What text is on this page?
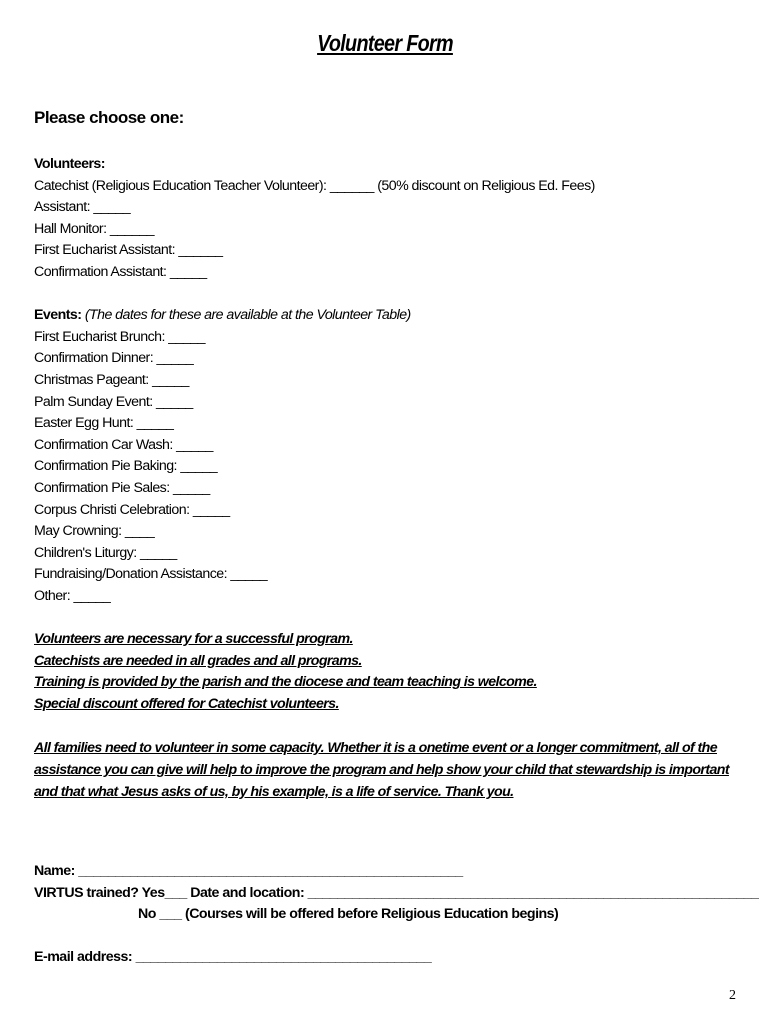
Volunteer Form
Please choose one:
Volunteers:
Catechist (Religious Education Teacher Volunteer): ______ (50% discount on Religious Ed. Fees)
Assistant: _____
Hall Monitor: ______
First Eucharist Assistant: ______
Confirmation Assistant: _____
Events: (The dates for these are available at the Volunteer Table)
First Eucharist Brunch: _____
Confirmation Dinner: _____
Christmas Pageant: _____
Palm Sunday Event: _____
Easter Egg Hunt: _____
Confirmation Car Wash: _____
Confirmation Pie Baking: _____
Confirmation Pie Sales: _____
Corpus Christi Celebration: _____
May Crowning: ____
Children's Liturgy: _____
Fundraising/Donation Assistance: _____
Other: _____
Volunteers are necessary for a successful program.
Catechists are needed in all grades and all programs.
Training is provided by the parish and the diocese and team teaching is welcome.
Special discount offered for Catechist volunteers.
All families need to volunteer in some capacity. Whether it is a onetime event or a longer commitment, all of the assistance you can give will help to improve the program and help show your child that stewardship is important and that what Jesus asks of us, by his example, is a life of service. Thank you.
Name: ____________________________________________________
VIRTUS trained? Yes___ Date and location: _____________________________________________________________
No ___ (Courses will be offered before Religious Education begins)
E-mail address: ________________________________________
2
